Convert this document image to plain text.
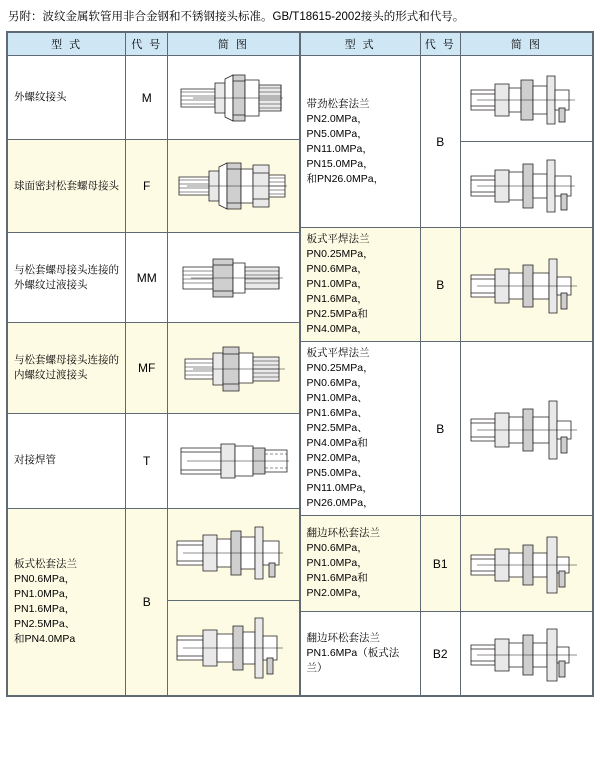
另附：波纹金属软管用非合金钢和不锈钢接头标准。GB/T18615-2002接头的形式和代号。
型 式	代 号	简 图
外螺纹接头	M	

球面密封松套螺母接头	F	

与松套螺母接头连接的外螺纹过液接头	MM	

与松套螺母接头连接的内螺纹过渡接头	MF	

对接焊管	T	

板式松套法兰
PN0.6MPa，PN1.0MPa，
PN1.6MPa，PN2.5MPa、
和PN4.0MPa	B	

型 式	代 号	简 图
带劲松套法兰
PN2.0MPa，PN5.0MPa，
PN11.0MPa，PN15.0MPa，
和PN26.0MPa，	B	

板式平焊法兰
PN0.25MPa，PN0.6MPa，
PN1.0MPa，PN1.6MPa，
PN2.5MPa和PN4.0MPa，	B	

板式平焊法兰
PN0.25MPa，PN0.6MPa，
PN1.0MPa、PN1.6MPa、
PN2.5MPa、PN4.0MPa和
PN2.0MPa，PN5.0MPa、
PN11.0MPa，PN26.0MPa，	B	

翻边环松套法兰
PN0.6MPa，PN1.0MPa，
PN1.6MPa和PN2.0MPa，	B1	

翻边环松套法兰
PN1.6MPa（板式法兰）	B2	
